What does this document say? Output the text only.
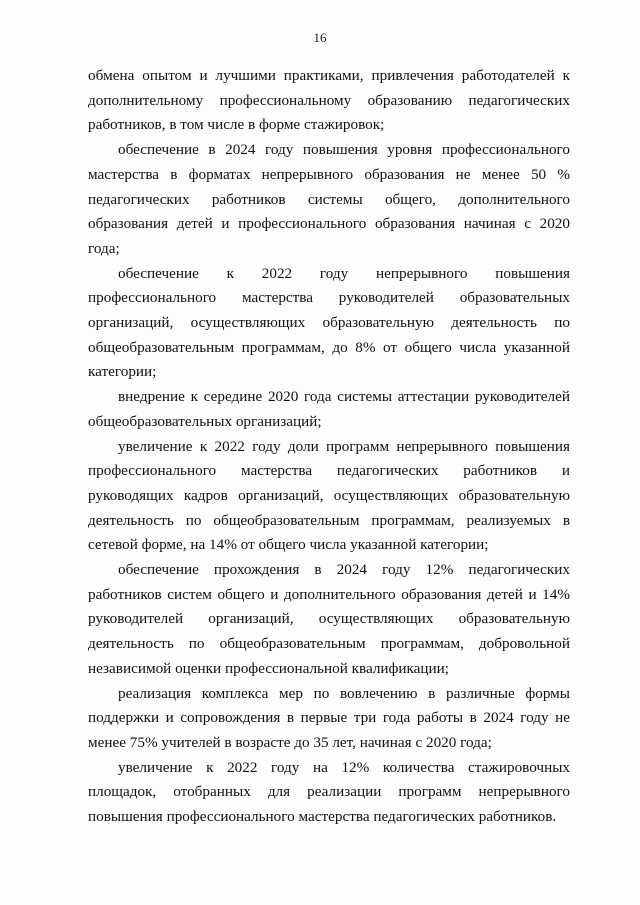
16

обмена опытом и лучшими практиками, привлечения работодателей к дополнительному профессиональному образованию педагогических работников, в том числе в форме стажировок;

обеспечение в 2024 году повышения уровня профессионального мастерства в форматах непрерывного образования не менее 50 % педагогических работников системы общего, дополнительного образования детей и профессионального образования начиная с 2020 года;

обеспечение к 2022 году непрерывного повышения профессионального мастерства руководителей образовательных организаций, осуществляющих образовательную деятельность по общеобразовательным программам, до 8% от общего числа указанной категории;

внедрение к середине 2020 года системы аттестации руководителей общеобразовательных организаций;

увеличение к 2022 году доли программ непрерывного повышения профессионального мастерства педагогических работников и руководящих кадров организаций, осуществляющих образовательную деятельность по общеобразовательным программам, реализуемых в сетевой форме, на 14% от общего числа указанной категории;

обеспечение прохождения в 2024 году 12% педагогических работников систем общего и дополнительного образования детей и 14% руководителей организаций, осуществляющих образовательную деятельность по общеобразовательным программам, добровольной независимой оценки профессиональной квалификации;

реализация комплекса мер по вовлечению в различные формы поддержки и сопровождения в первые три года работы в 2024 году не менее 75% учителей в возрасте до 35 лет, начиная с 2020 года;

увеличение к 2022 году на 12% количества стажировочных площадок, отобранных для реализации программ непрерывного повышения профессионального мастерства педагогических работников.
